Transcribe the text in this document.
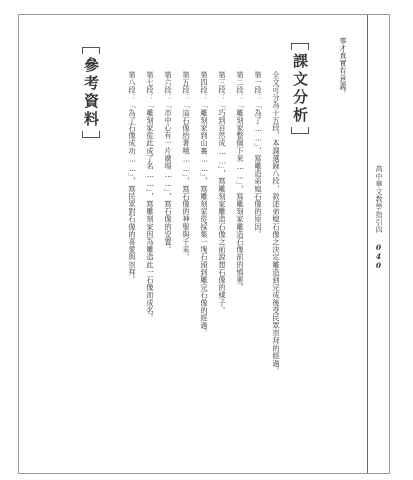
高中華文教學指引四
040
事才真實有意義。
課文分析
全文可分為十五段，本課選錄八段，敘述弟媳石像之決定雕造到完成後受民眾崇拜的經過。
第一段：「為了……」，寫雕造弟媳石像的原因。
第二段：「雕刻家整個下來……」，寫雕刻家雕造石像前的慎重。
第三段：「巧到自然成……」，寫雕刻家雕造石像之前說想石像的樣子。
第四段：「雕刻家到山裏……」，寫雕刻家從採集一塊石頭到雕完石像的經過。
第五段：「這石像抬著哦……」，寫石像的神聖與千采。
第六段：「市中心有一片廣場……」，寫石像的安置。
第七段：「雕刻家從此成了名……」，寫雕刻家因為雕造此一石像而成名。
第八段：「為了石像成功……」，寫民眾對石像的喜愛與崇拜。
參考資料
